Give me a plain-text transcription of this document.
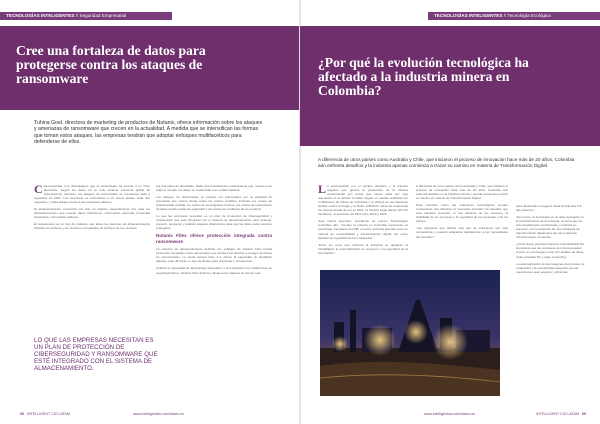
TECNOLOGÍAS INTELIGENTES // Seguridad Empresarial
Cree una fortaleza de datos para protegerse contra los ataques de ransomware
Tuhina Goel, directora de marketing de productos de Nutanix, ofrece información sobre los ataques y amenazas de ransomware que crecen en la actualidad. A medida que se intensifican las formas que toman estos ataques, las empresas tendrán que adoptar enfoques multifacéticos para defenderse de ellos.

Ciberseguridad. Los ciberataques que el ransomware ha crecido a un ritmo alarmante. Según los datos de la más reciente encuesta global de Cybersecurity Ventures, los ataques de ransomware se cometerán cada 2 segundos en 2031. Las empresas se enfrentarán a un nuevo ataque cada dos segundos, y cada ataque cuesta a las empresas millones.

El almacenamiento consumido ha sido un objetivo especialmente rico para los ciberdelincuentes que buscan datos financieros, información personal, propiedad intelectual y otros datos valiosos.

El ransomware es un tipo de malware que ataca los sistemas de almacenamiento cifrando los archivos y los recursos compartidos de archivos de los usuarios.

LO QUE LAS EMPRESAS NECESITAN ES UN PLAN DE PROTECCIÓN DE CIBERSEGURIDAD Y RANSOMWARE QUE ESTÉ INTEGRADO CON EL SISTEMA DE ALMACENAMIENTO.

por una clave de descifrado. Dada una incertidumbre sustancial de que, incluso si se paga el rescate, los datos se restaurarán a su estado habitual.

Los ataques de ransomware se pueden ver potenciados por la variedad de amenazas que vienen desde todos los puntos posibles, incluidos los costos de productividad perdida, los costos de investigación forense, los costos de restauración de datos desde copias de seguridad y los costos de confianza de los usuarios.

Lo que las empresas necesitan es un plan de protección de ciberseguridad y ransomware que esté integrado con el sistema de almacenamiento para detectar, prevenir, recuperar y analizar ataques cibernéticos para que los datos estén siempre protegidos.

Nutanix Files ofrece protección integrada contra ransomware

La solución de almacenamiento definido por software de Nutanix Files brinda protección integrada contra ransomware que ayuda a los clientes a proteger los datos no estructurados. La oferta incluye Files 4.1, ofrece la capacidad de identificar ataques a las 48 horas, lo que da tiempo para responder y recuperarse.

Usando la capacidad de aprendizaje automático y la integración con plataformas de seguridad líderes, Nutanix Files detecta y bloquea los ataques en tiempo real.

66 INTELLIGENT CIO LATAM	www.intelligentcio.com/latam-es
TECNOLOGÍAS INTELIGENTES // Tecnología Ecológica
¿Por qué la evolución tecnológica ha afectado a la industria minera en Colombia?
A diferencia de otros países como Australia y Chile, que iniciaron el proceso de innovación hace más de 20 años, Colombia aún enfrenta desafíos y la industria apenas comienza a trazar su camino en materia de Transformación Digital.

La preocupación por el cambio climático y el impacto negativo que genera la producción de la minería convencional son temas que toman cada vez más relevancia en el debate mundial. Según un estudio realizado por el Ministerio de Minas de Colombia y la Oficina de las Naciones Unidas contra la Droga y el Delito (UNODC) sobre las evidencias de minería aluvial de oro en 2021, la minería ilegal afectó 101.112 hectáreas, un aumento del 39% entre 2019 y 2020.

Juan Carlos Guerrero, presidente de Lumen Technologies Colombia, dijo: “Aunque la minería en Colombia representa un porcentaje importante del PIB, el sector enfrenta grandes retos en materia de sostenibilidad y transformación digital, así como también de seguridad de los empleados.”

“Entre los retos que enfrenta la industria se destacan la trazabilidad, la automatización de procesos y la seguridad de la información.”

A diferencia de otros países como Australia y Chile, que iniciaron el proceso de innovación hace más de 20 años, Colombia aún enfrenta desafíos en la industria minera y apenas comienza a trazar su camino en materia de Transformación Digital.

Para entender cómo las soluciones tecnológicas pueden revolucionar una industria es necesario entender los desafíos que esta industria presenta: el uso eficiente de los recursos, la visibilidad de los procesos y la seguridad de las personas y de los activos.

“Las empresas que utilizan este tipo de soluciones son más competitivas y pueden adaptarse rápidamente a las necesidades del mercado.”

para desarrollar el negocio hacia la Industria 4.0”, dijo Guerrero.

“En Lumen, la tecnología es un valor agregado en la transformación de la industria: un tema que ha sido ampliamente mencionado y continúa en aumento, con la adopción de una estrategia de transformación digital para que las empresas mineras logren un cambio.

¿Cómo llevar procesos hacia la sostenibilidad? Es importante que las empresas de minería puedan invertir en tecnologías como IoT, análisis de datos, redes privadas 5G y edge computing.

La automatización de las máquinas del proceso de producción y la conectividad aseguran que las operaciones sean seguras y eficientes.

www.intelligentcio.com/latam-es	INTELLIGENT CIO LATAM 69
